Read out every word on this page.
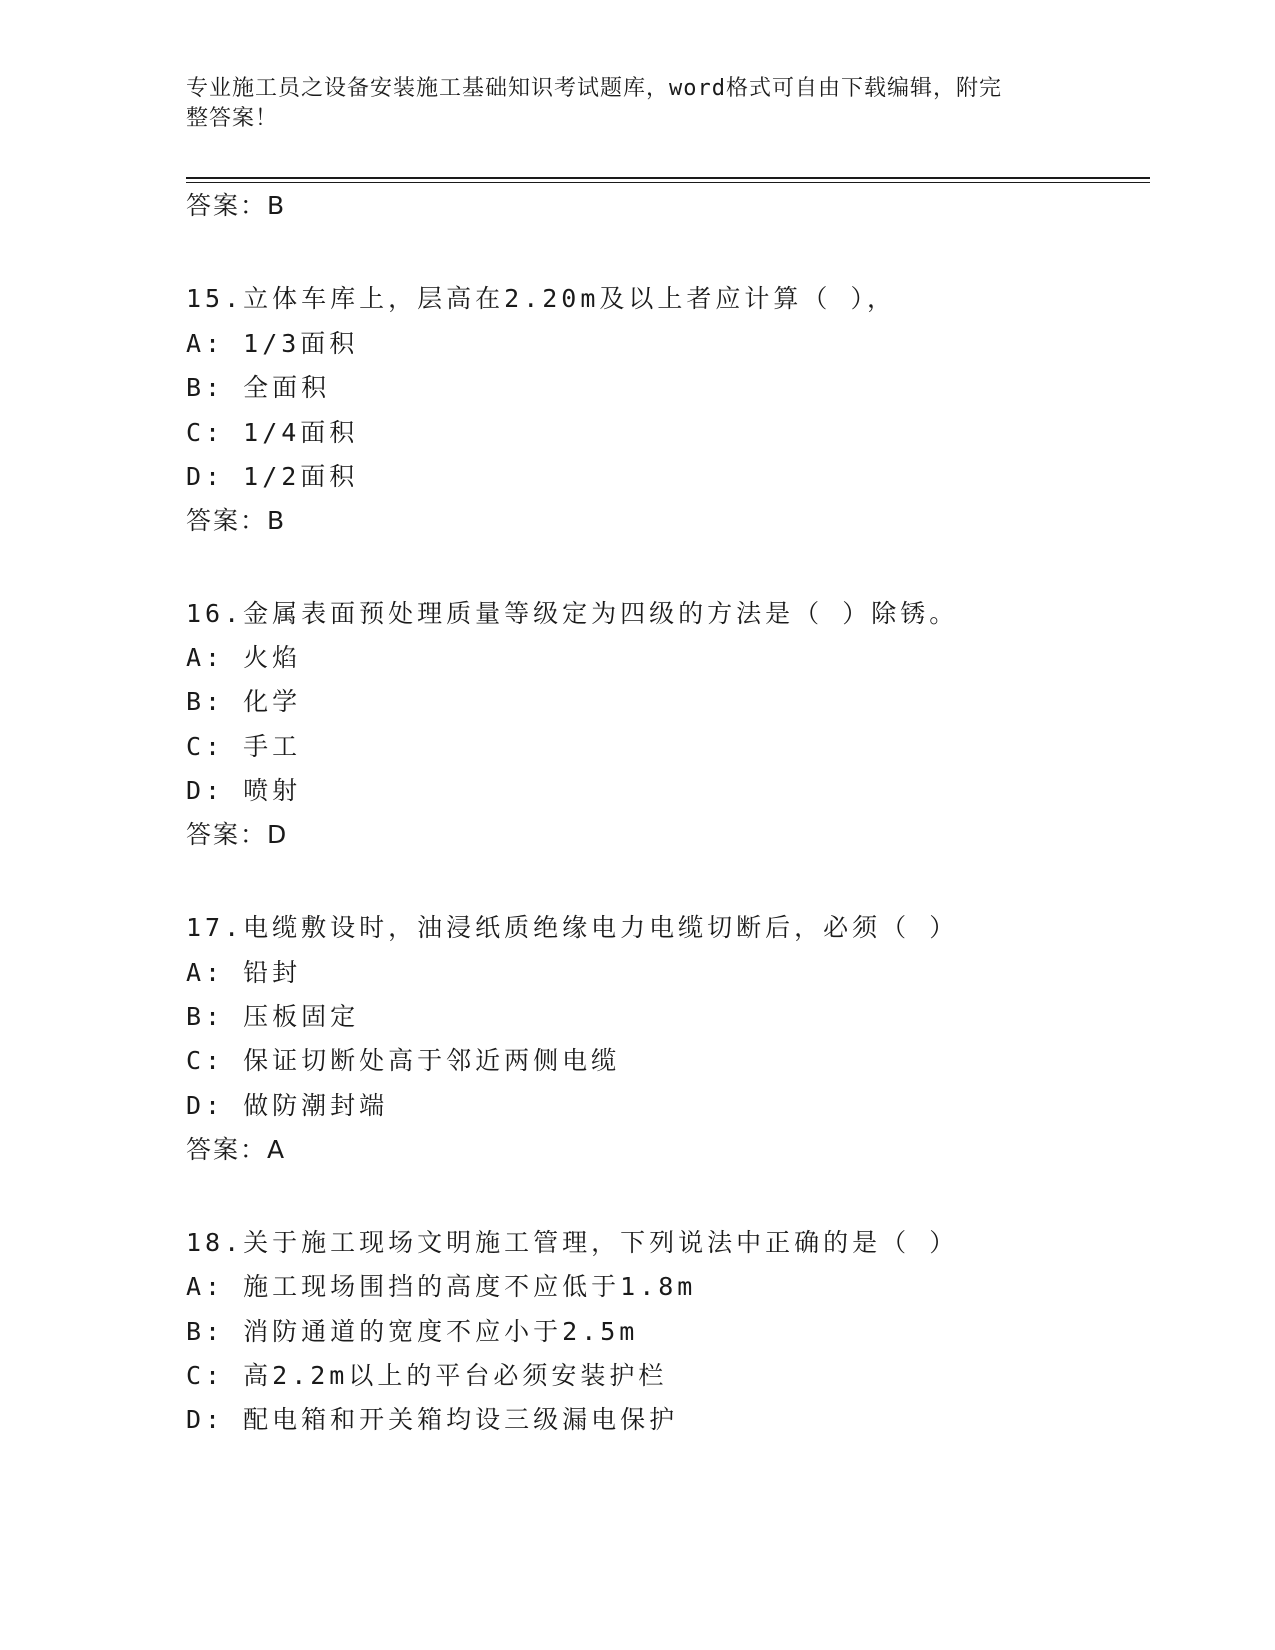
专业施工员之设备安装施工基础知识考试题库，word格式可自由下载编辑，附完
整答案！
答案：B
15.立体车库上，层高在2.20m及以上者应计算（ ），
A: 1/3面积
B: 全面积
C: 1/4面积
D: 1/2面积
答案：B
16.金属表面预处理质量等级定为四级的方法是（ ）除锈。
A: 火焰
B: 化学
C: 手工
D: 喷射
答案：D
17.电缆敷设时，油浸纸质绝缘电力电缆切断后，必须（ ）
A: 铅封
B: 压板固定
C: 保证切断处高于邻近两侧电缆
D: 做防潮封端
答案：A
18.关于施工现场文明施工管理，下列说法中正确的是（ ）
A: 施工现场围挡的高度不应低于1.8m
B: 消防通道的宽度不应小于2.5m
C: 高2.2m以上的平台必须安装护栏
D: 配电箱和开关箱均设三级漏电保护
